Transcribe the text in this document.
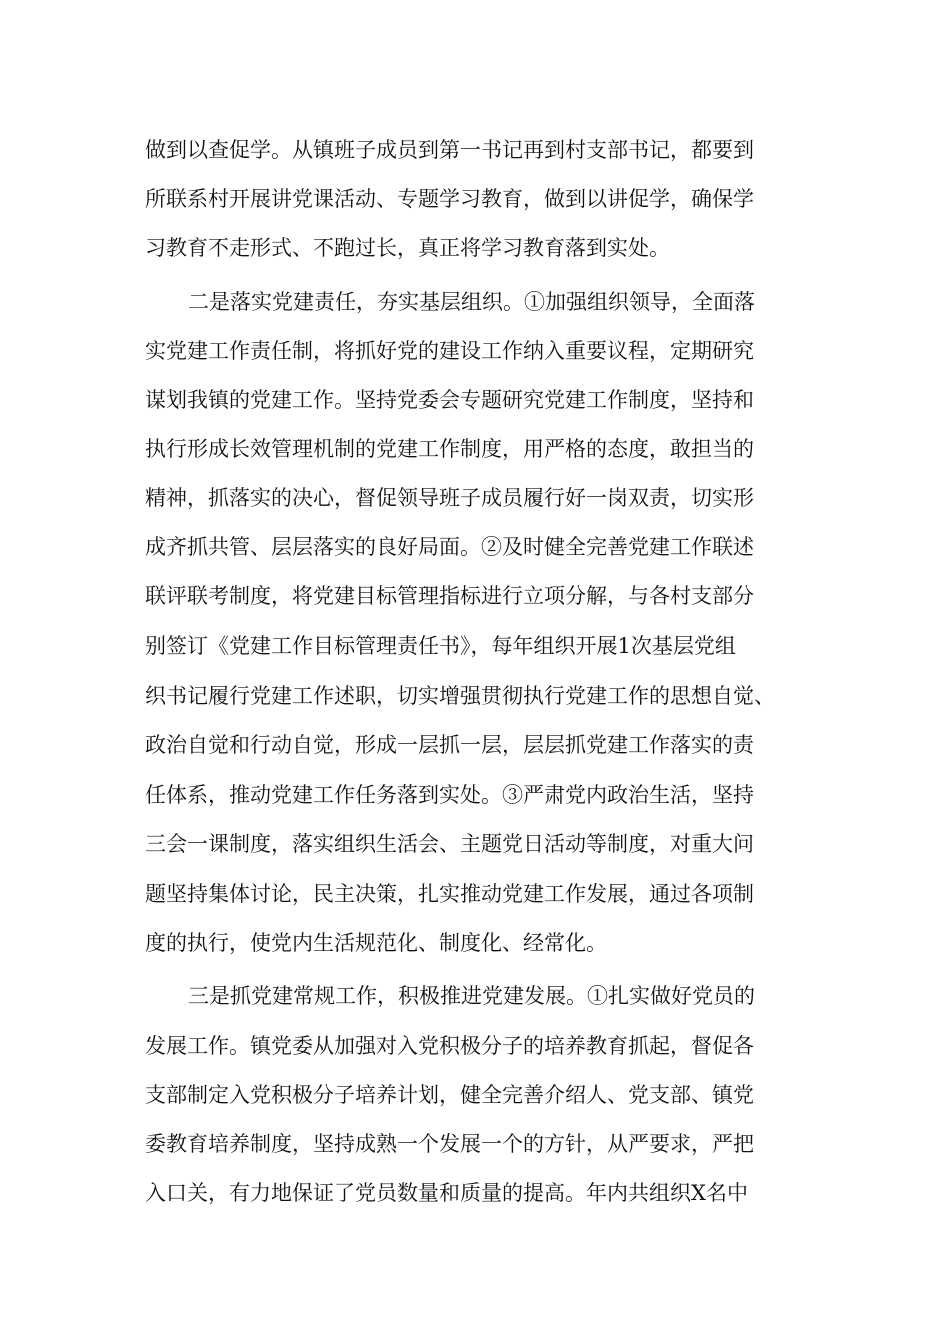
做到以查促学。从镇班子成员到第一书记再到村支部书记，都要到
所联系村开展讲党课活动、专题学习教育，做到以讲促学，确保学
习教育不走形式、不跑过长，真正将学习教育落到实处。
二是落实党建责任，夯实基层组织。①加强组织领导，全面落
实党建工作责任制，将抓好党的建设工作纳入重要议程，定期研究
谋划我镇的党建工作。坚持党委会专题研究党建工作制度，坚持和
执行形成长效管理机制的党建工作制度，用严格的态度，敢担当的
精神，抓落实的决心，督促领导班子成员履行好一岗双责，切实形
成齐抓共管、层层落实的良好局面。②及时健全完善党建工作联述
联评联考制度，将党建目标管理指标进行立项分解，与各村支部分
别签订《党建工作目标管理责任书》，每年组织开展1次基层党组
织书记履行党建工作述职，切实增强贯彻执行党建工作的思想自觉、
政治自觉和行动自觉，形成一层抓一层，层层抓党建工作落实的责
任体系，推动党建工作任务落到实处。③严肃党内政治生活，坚持
三会一课制度，落实组织生活会、主题党日活动等制度，对重大问
题坚持集体讨论，民主决策，扎实推动党建工作发展，通过各项制
度的执行，使党内生活规范化、制度化、经常化。
三是抓党建常规工作，积极推进党建发展。①扎实做好党员的
发展工作。镇党委从加强对入党积极分子的培养教育抓起，督促各
支部制定入党积极分子培养计划，健全完善介绍人、党支部、镇党
委教育培养制度，坚持成熟一个发展一个的方针，从严要求，严把
入口关，有力地保证了党员数量和质量的提高。年内共组织X名中
